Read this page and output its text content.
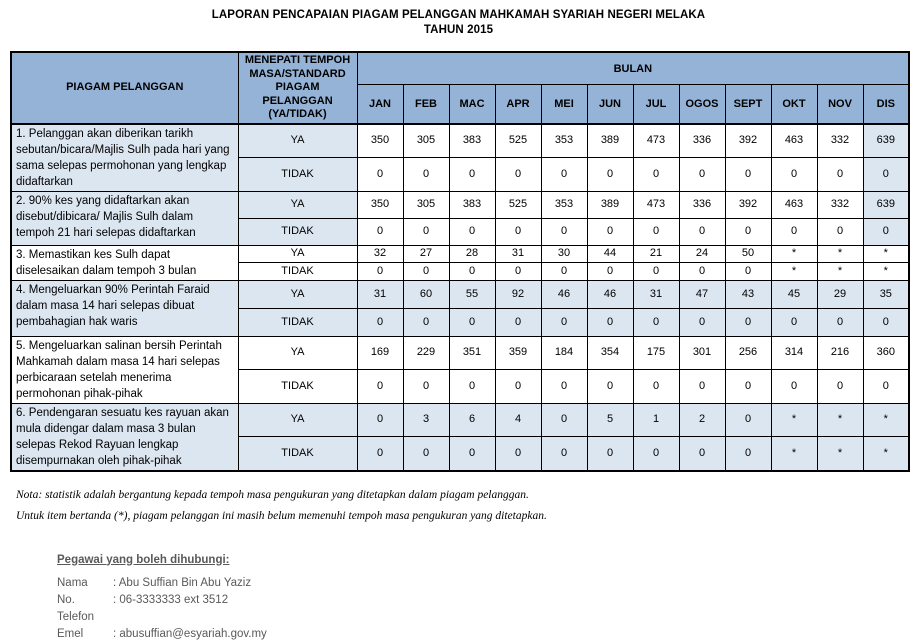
LAPORAN PENCAPAIAN PIAGAM PELANGGAN MAHKAMAH SYARIAH NEGERI MELAKA
TAHUN 2015
PIAGAM PELANGGAN	MENEPATI TEMPOH MASA/STANDARD PIAGAM PELANGGAN (YA/TIDAK)	BULAN											
		JAN	FEB	MAC	APR	MEI	JUN	JUL	OGOS	SEPT	OKT	NOV	DIS
1. Pelanggan akan diberikan tarikh sebutan/bicara/Majlis Sulh pada hari yang sama selepas permohonan yang lengkap didaftarkan	YA	350	305	383	525	353	389	473	336	392	463	332	639
	TIDAK	0	0	0	0	0	0	0	0	0	0	0	0
2. 90% kes yang didaftarkan akan disebut/dibicara/ Majlis Sulh dalam tempoh 21 hari selepas didaftarkan	YA	350	305	383	525	353	389	473	336	392	463	332	639
	TIDAK	0	0	0	0	0	0	0	0	0	0	0	0
3. Memastikan kes Sulh dapat diselesaikan dalam tempoh 3 bulan	YA	32	27	28	31	30	44	21	24	50	*	*	*
	TIDAK	0	0	0	0	0	0	0	0	0	*	*	*
4. Mengeluarkan 90% Perintah Faraid dalam masa 14 hari selepas dibuat pembahagian hak waris	YA	31	60	55	92	46	46	31	47	43	45	29	35
	TIDAK	0	0	0	0	0	0	0	0	0	0	0	0
5. Mengeluarkan salinan bersih Perintah Mahkamah dalam masa 14 hari selepas perbicaraan setelah menerima permohonan pihak-pihak	YA	169	229	351	359	184	354	175	301	256	314	216	360
	TIDAK	0	0	0	0	0	0	0	0	0	0	0	0
6. Pendengaran sesuatu kes rayuan akan mula didengar dalam masa 3 bulan selepas Rekod Rayuan lengkap disempurnakan oleh pihak-pihak	YA	0	3	6	4	0	5	1	2	0	*	*	*
	TIDAK	0	0	0	0	0	0	0	0	0	*	*	*

Nota: statistik adalah bergantung kepada tempoh masa pengukuran yang ditetapkan dalam piagam pelanggan.

Untuk item bertanda (*), piagam pelanggan ini masih belum memenuhi tempoh masa pengukuran yang ditetapkan.

Pegawai yang boleh dihubungi:
Nama	: Abu Suffian Bin Abu Yaziz
No. Telefon
: 06-3333333 ext 3512
Emel	: abusuffian@esyariah.gov.my
